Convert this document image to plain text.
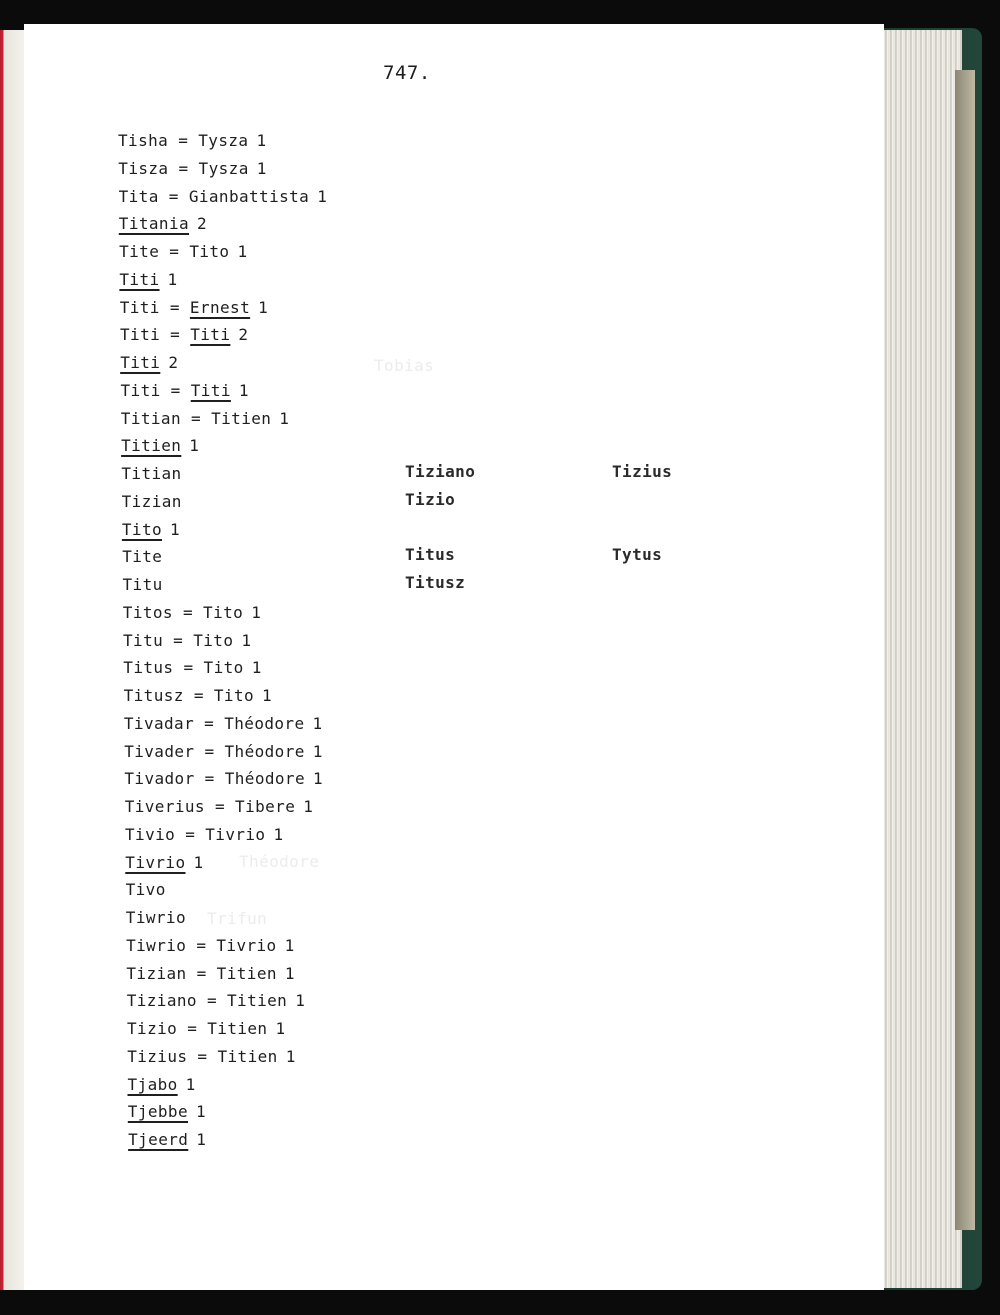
Tobias
Théodore
Trifun
747.
Tisha = Tysza 1
Tisza = Tysza 1
Tita = Gianbattista 1
Titania 2
Tite = Tito 1
Titi 1
Titi = Ernest 1
Titi = Titi 2
Titi 2
Titi = Titi 1
Titian = Titien 1
Titien 1
Titian
Tizian
Tito 1
Tite
Titu
Titos = Tito 1
Titu = Tito 1
Titus = Tito 1
Titusz = Tito 1
Tivadar = Théodore 1
Tivader = Théodore 1
Tivador = Théodore 1
Tiverius = Tibere 1
Tivio = Tivrio 1
Tivrio 1
Tivo
Tiwrio
Tiwrio = Tivrio 1
Tizian = Titien 1
Tiziano = Titien 1
Tizio = Titien 1
Tizius = Titien 1
Tjabo 1
Tjebbe 1
Tjeerd 1
Tiziano
Tizio
Titus
Titusz
Tizius
Tytus
